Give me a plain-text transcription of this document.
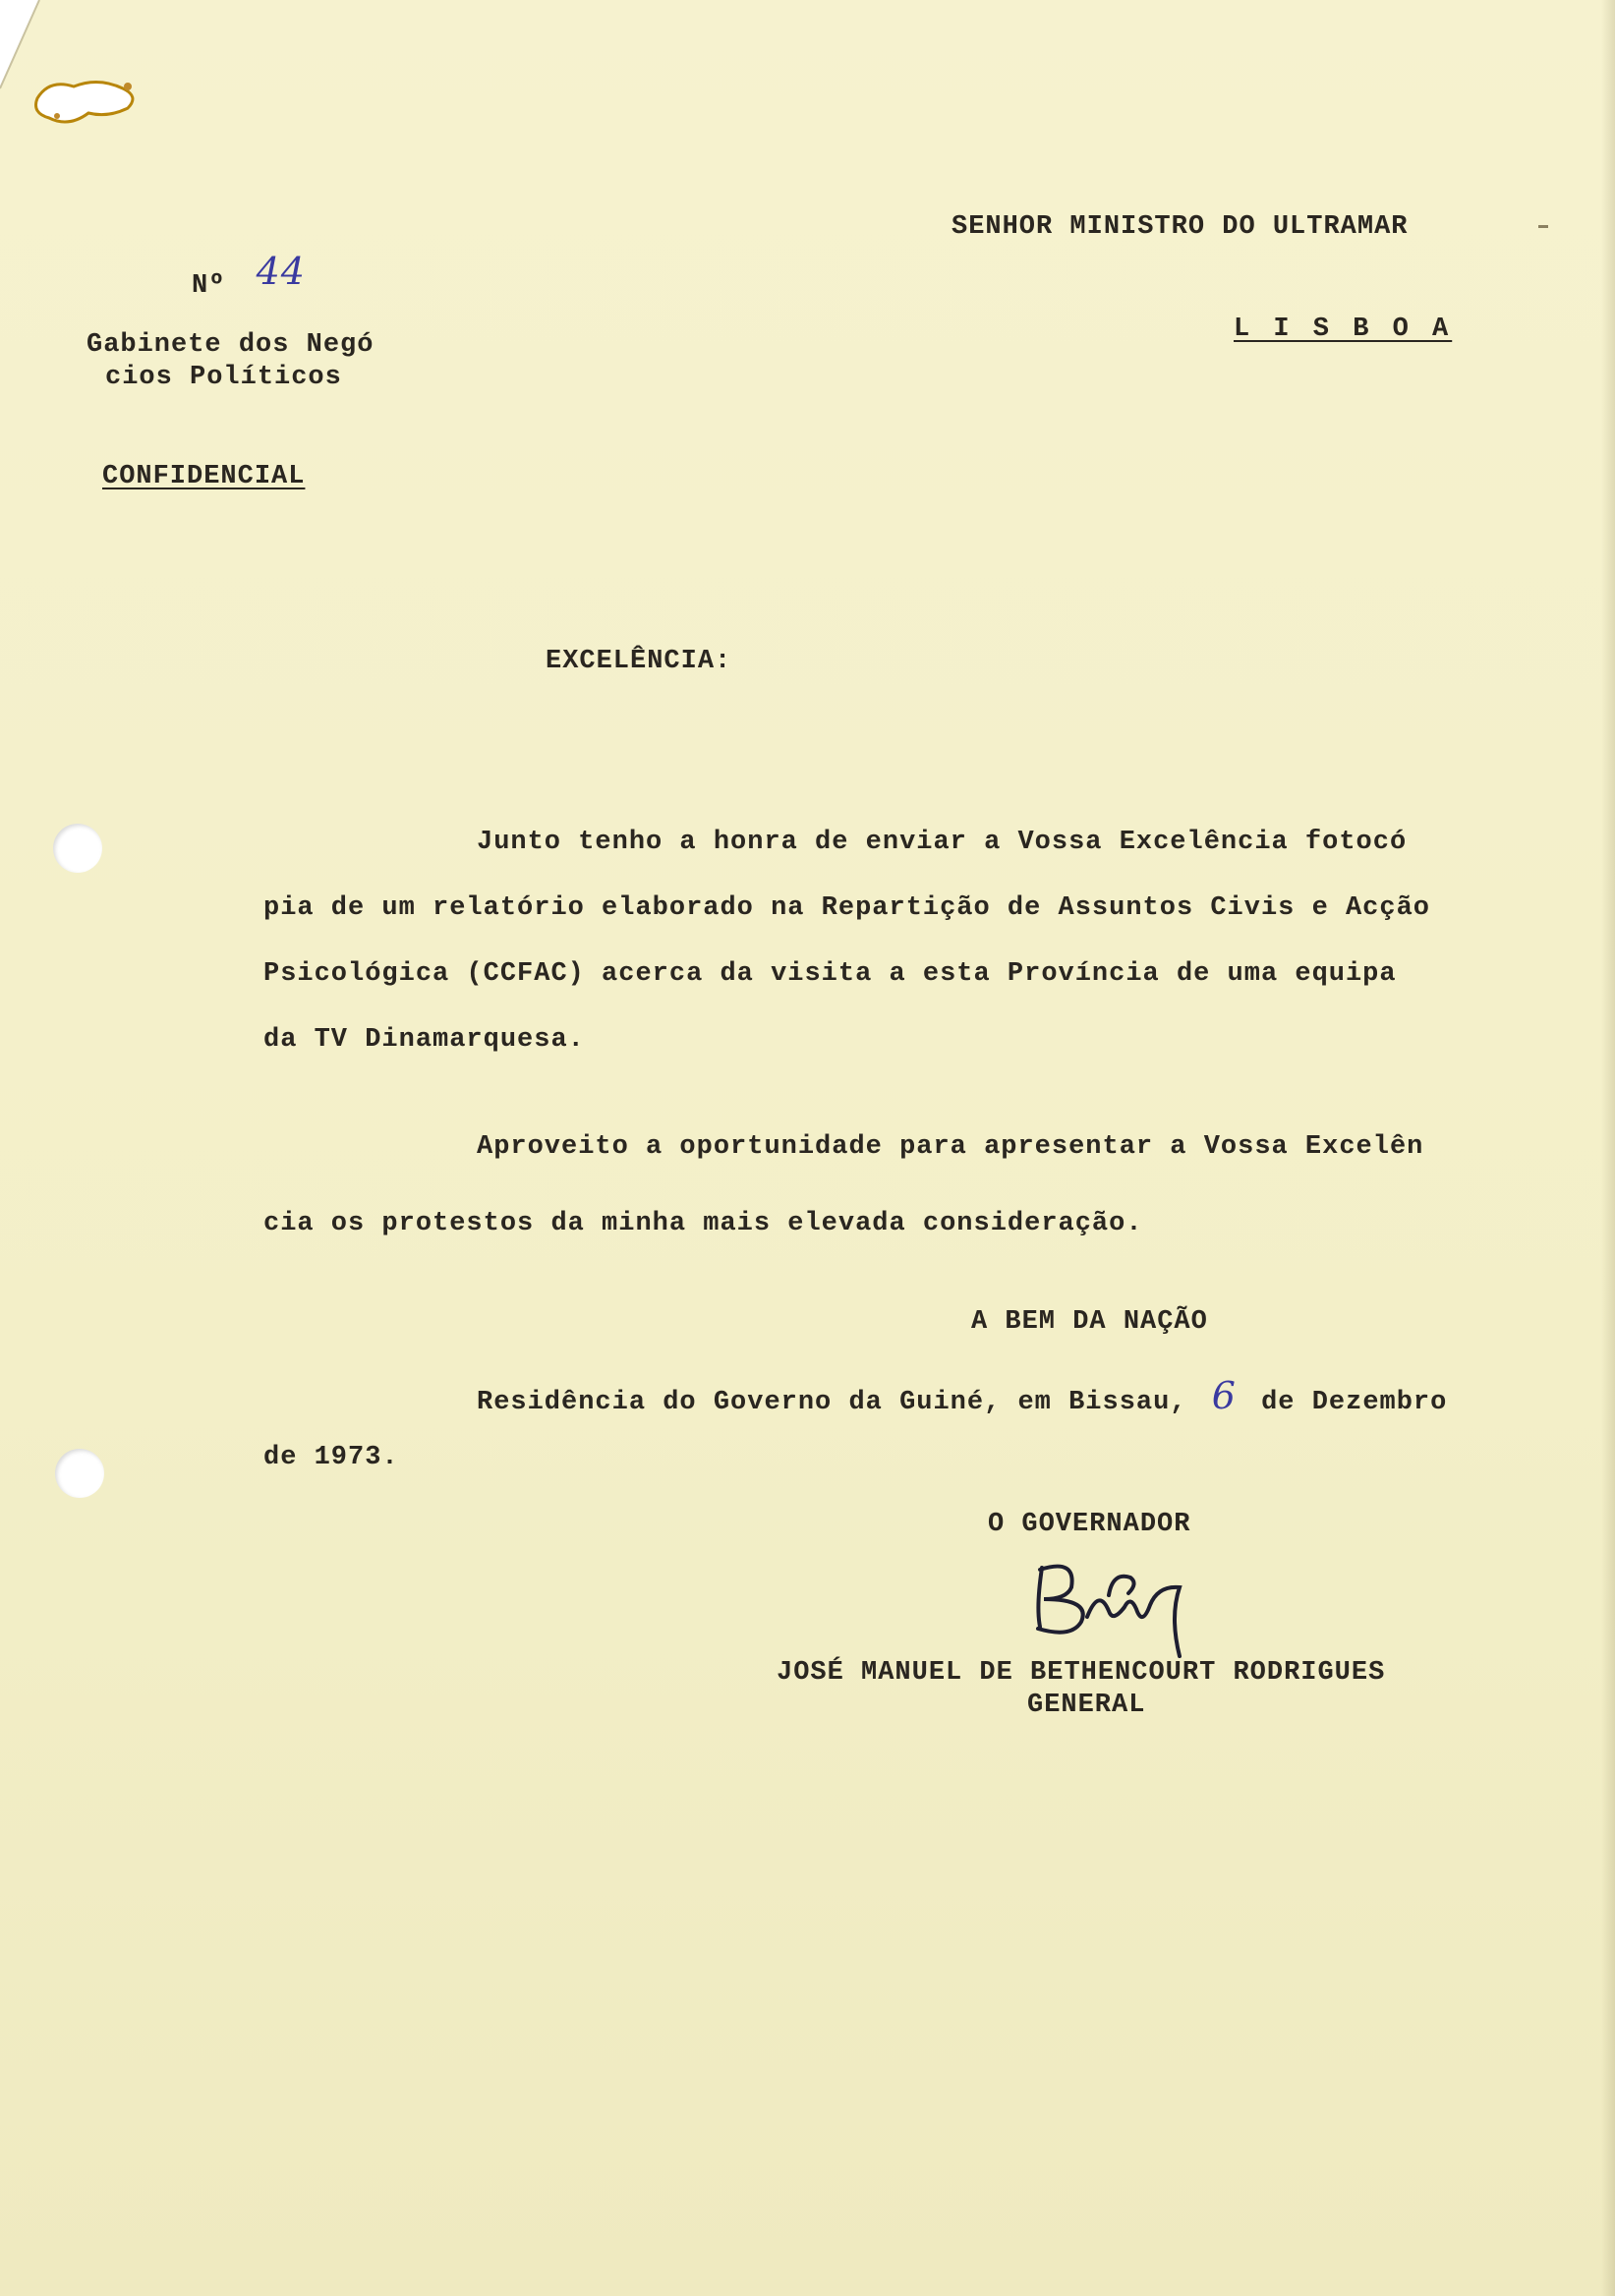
SENHOR MINISTRO DO ULTRAMAR
L I S B O A
Nº 44
Gabinete dos Negó
cios Políticos
CONFIDENCIAL
EXCELÊNCIA:
Junto tenho a honra de enviar a Vossa Excelência fotocó
pia de um relatório elaborado na Repartição de Assuntos Civis e Acção
Psicológica (CCFAC) acerca da visita a esta Província de uma equipa
da TV Dinamarquesa.
Aproveito a oportunidade para apresentar a Vossa Excelên
cia os protestos da minha mais elevada consideração.
A BEM DA NAÇÃO
Residência do Governo da Guiné, em Bissau, 6 de Dezembro
de 1973.
O GOVERNADOR
JOSÉ MANUEL DE BETHENCOURT RODRIGUES
GENERAL
